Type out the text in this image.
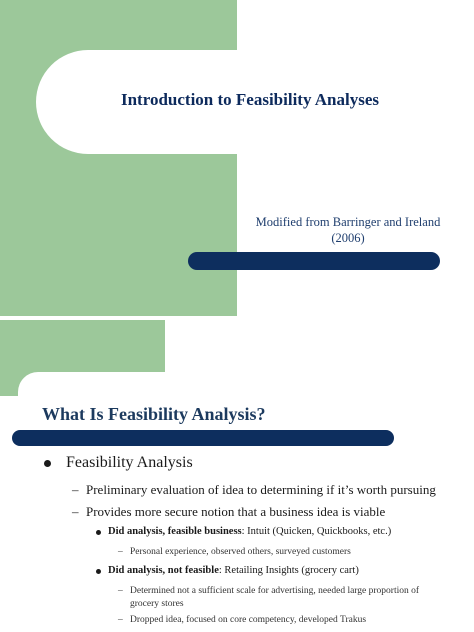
Introduction to Feasibility Analyses
Modified from Barringer and Ireland
(2006)
What Is Feasibility Analysis?
Feasibility Analysis
– Preliminary evaluation of idea to determining if it’s worth pursuing
– Provides more secure notion that a business idea is viable
Did analysis, feasible business: Intuit (Quicken, Quickbooks, etc.)
– Personal experience, observed others, surveyed customers
Did analysis, not feasible: Retailing Insights (grocery cart)
– Determined not a sufficient scale for advertising, needed large proportion of grocery stores
– Dropped idea, focused on core competency, developed Trakus
